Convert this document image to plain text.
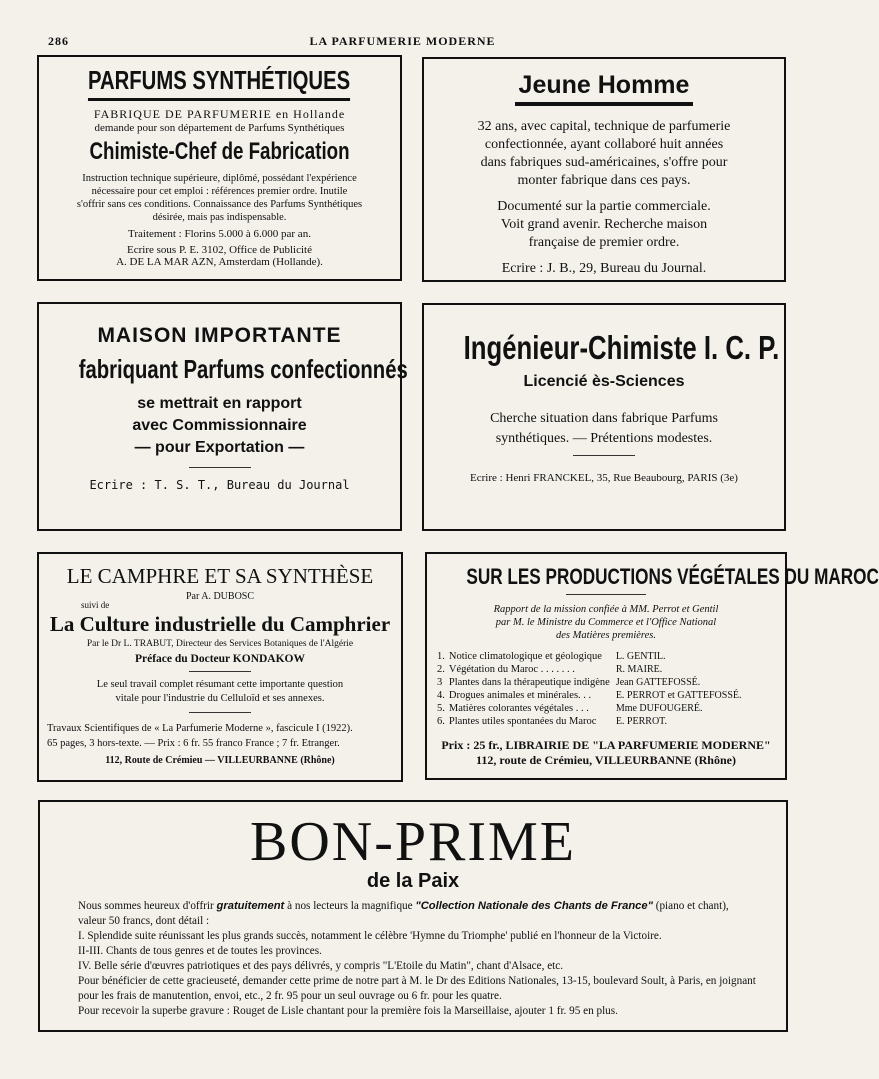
286	LA PARFUMERIE MODERNE
PARFUMS SYNTHÉTIQUES
FABRIQUE DE PARFUMERIE en Hollande
demande pour son département de Parfums Synthétiques
Chimiste-Chef de Fabrication
Instruction technique supérieure, diplômé, possédant l'expérience
nécessaire pour cet emploi : références premier ordre. Inutile
s'offrir sans ces conditions. Connaissance des Parfums Synthétiques
désirée, mais pas indispensable.
Traitement : Florins 5.000 à 6.000 par an.
Ecrire sous P. E. 3102, Office de Publicité
A. DE LA MAR AZN, Amsterdam (Hollande).
Jeune Homme
32 ans, avec capital, technique de parfumerie
confectionnée, ayant collaboré huit années
dans fabriques sud-américaines, s'offre pour
monter fabrique dans ces pays.
Documenté sur la partie commerciale.
Voit grand avenir. Recherche maison
française de premier ordre.
Ecrire : J. B., 29, Bureau du Journal.
MAISON IMPORTANTE
fabriquant Parfums confectionnés
se mettrait en rapport
avec Commissionnaire
— pour Exportation —
Ecrire : T. S. T., Bureau du Journal
Ingénieur-Chimiste I. C. P.
Licencié ès-Sciences
Cherche situation dans fabrique Parfums
synthétiques. — Prétentions modestes.
Ecrire : Henri FRANCKEL, 35, Rue Beaubourg, PARIS (3e)
LE CAMPHRE ET SA SYNTHÈSE
suivi de
Par A. DUBOSC
La Culture industrielle du Camphrier
Par le Dr L. TRABUT, Directeur des Services Botaniques de l'Algérie
Préface du Docteur KONDAKOW
Le seul travail complet résumant cette importante question
vitale pour l'industrie du Celluloïd et ses annexes.
Travaux Scientifiques de « La Parfumerie Moderne », fascicule I (1922).
65 pages, 3 hors-texte. — Prix : 6 fr. 55 franco France ; 7 fr. Etranger.
112, Route de Crémieu — VILLEURBANNE (Rhône)
SUR LES PRODUCTIONS VÉGÉTALES DU MAROC
Rapport de la mission confiée à MM. Perrot et Gentil
par M. le Ministre du Commerce et l'Office National
des Matières premières.
1.	Notice climatologique et géologique	L. GENTIL.
2.	Végétation du Maroc . . . . . . .	R. MAIRE.
3	Plantes dans la thérapeutique indigène	Jean GATTEFOSSÉ.
4.	Drogues animales et minérales. . .	E. PERROT et GATTEFOSSÉ.
5.	Matières colorantes végétales . . .	Mme DUFOUGERÉ.
6.	Plantes utiles spontanées du Maroc	E. PERROT.
Prix : 25 fr., LIBRAIRIE DE "LA PARFUMERIE MODERNE"
112, route de Crémieu, VILLEURBANNE (Rhône)
BON-PRIME
de la Paix

Nous sommes heureux d'offrir gratuitement à nos lecteurs la magnifique "Collection Nationale des Chants de France" (piano et chant), valeur 50 francs, dont détail :

I. Splendide suite réunissant les plus grands succès, notamment le célèbre 'Hymne du Triomphe' publié en l'honneur de la Victoire.

II-III. Chants de tous genres et de toutes les provinces.

IV. Belle série d'œuvres patriotiques et des pays délivrés, y compris "L'Etoile du Matin", chant d'Alsace, etc.

Pour bénéficier de cette gracieuseté, demander cette prime de notre part à M. le Dr des Editions Nationales, 13-15, boulevard Soult, à Paris, en joignant pour les frais de manutention, envoi, etc., 2 fr. 95 pour un seul ouvrage ou 6 fr. pour les quatre.

Pour recevoir la superbe gravure : Rouget de Lisle chantant pour la première fois la Marseillaise, ajouter 1 fr. 95 en plus.
